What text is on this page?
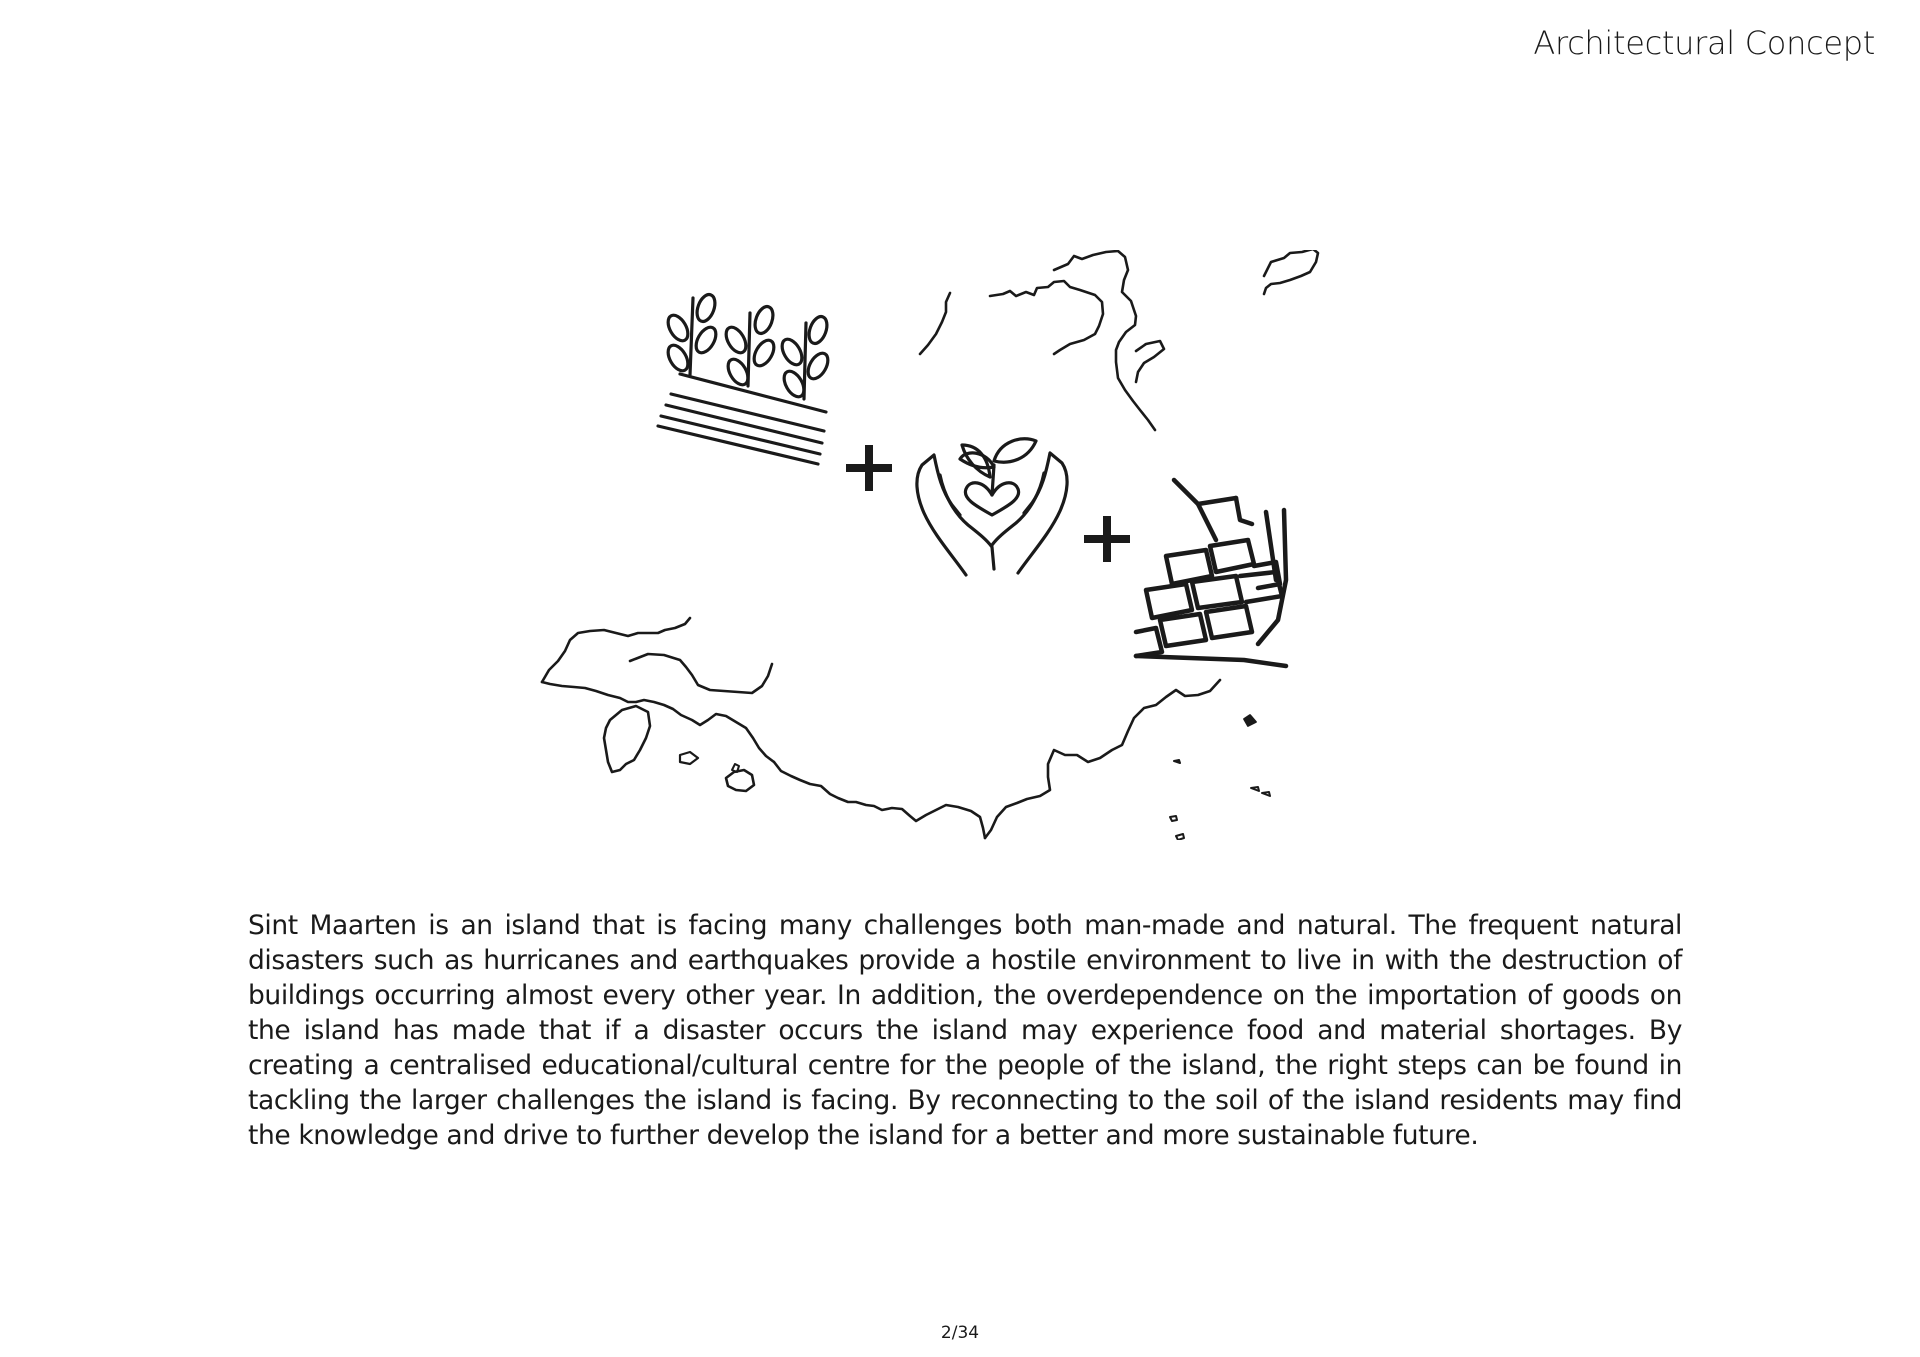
Architectural Concept

Sint Maarten is an island that is facing many challenges both man-made and natural. The frequent natural disasters such as hurricanes and earthquakes provide a hostile environment to live in with the destruction of buildings occurring almost every other year. In addition, the overdependence on the importation of goods on the island has made that if a disaster occurs the island may experience food and material shortages. By creating a centralised educational/cultural centre for the people of the island, the right steps can be found in tackling the larger challenges the island is facing. By reconnecting to the soil of the island residents may find the knowledge and drive to further develop the island for a better and more sustainable future.

2/34
